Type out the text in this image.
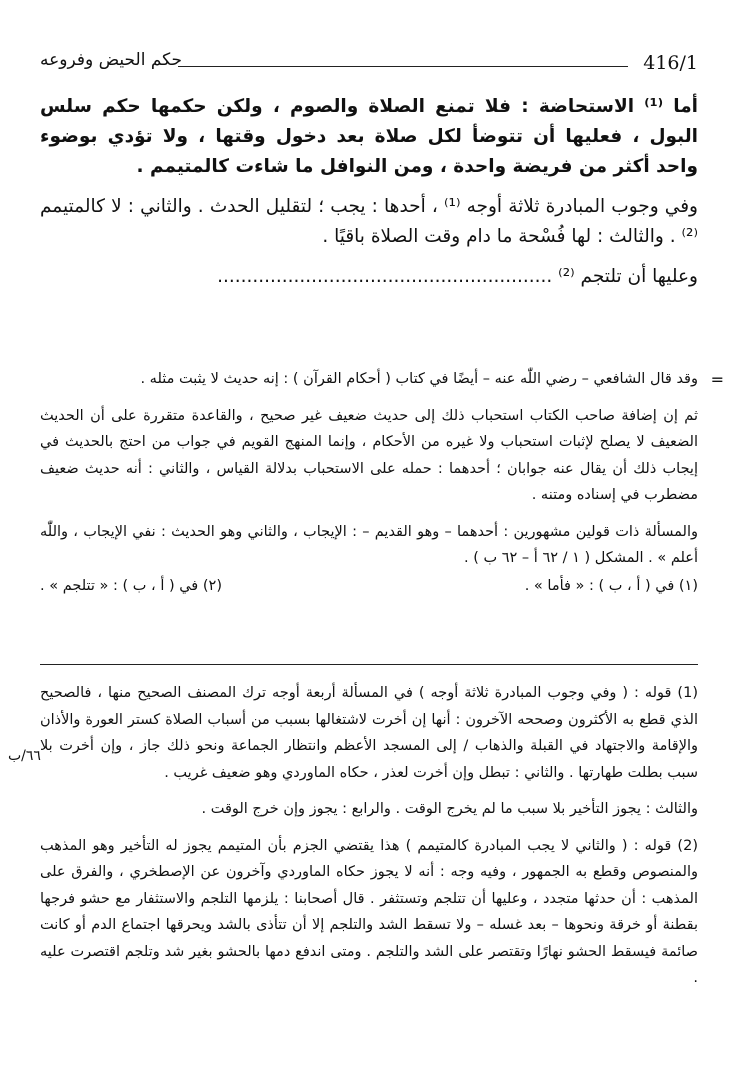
416/1
حكم الحيض وفروعه

أما ⁽¹⁾ الاستحاضة : فلا تمنع الصلاة والصوم ، ولكن حكمها حكم سلس البول ، فعليها أن تتوضأ لكل صلاة بعد دخول وقتها ، ولا تؤدي بوضوء واحد أكثر من فريضة واحدة ، ومن النوافل ما شاءت كالمتيمم .

وفي وجوب المبادرة ثلاثة أوجه ⁽¹⁾ ، أحدها : يجب ؛ لتقليل الحدث . والثاني : لا كالمتيمم ⁽²⁾ . والثالث : لها فُسْحة ما دام وقت الصلاة باقيًا .

وعليها أن تلتجم ⁽²⁾ .........................................................

=

وقد قال الشافعي – رضي اللّٰه عنه – أيضًا في كتاب ( أحكام القرآن ) : إنه حديث لا يثبت مثله .

ثم إن إضافة صاحب الكتاب استحباب ذلك إلى حديث ضعيف غير صحيح ، والقاعدة متقررة على أن الحديث الضعيف لا يصلح لإثبات استحباب ولا غيره من الأحكام ، وإنما المنهج القويم في جواب من احتج بالحديث في إيجاب ذلك أن يقال عنه جوابان ؛ أحدهما : حمله على الاستحباب بدلالة القياس ، والثاني : أنه حديث ضعيف مضطرب في إسناده ومتنه .

والمسألة ذات قولين مشهورين : أحدهما – وهو القديم – : الإيجاب ، والثاني وهو الحديث : نفي الإيجاب ، واللّٰه أعلم » . المشكل ( ١ / ٦٢ أ – ٦٢ ب ) .

(١) في ( أ ، ب ) : « فأما » .
(٢) في ( أ ، ب ) : « تتلجم » .
٦٦/ب

(1) قوله : ( وفي وجوب المبادرة ثلاثة أوجه ) في المسألة أربعة أوجه ترك المصنف الصحيح منها ، فالصحيح الذي قطع به الأكثرون وصححه الآخرون : أنها إن أخرت لاشتغالها بسبب من أسباب الصلاة كستر العورة والأذان والإقامة والاجتهاد في القبلة والذهاب / إلى المسجد الأعظم وانتظار الجماعة ونحو ذلك جاز ، وإن أخرت بلا سبب بطلت طهارتها . والثاني : تبطل وإن أخرت لعذر ، حكاه الماوردي وهو ضعيف غريب .

والثالث : يجوز التأخير بلا سبب ما لم يخرج الوقت . والرابع : يجوز وإن خرج الوقت .

(2) قوله : ( والثاني لا يجب المبادرة كالمتيمم ) هذا يقتضي الجزم بأن المتيمم يجوز له التأخير وهو المذهب والمنصوص وقطع به الجمهور ، وفيه وجه : أنه لا يجوز حكاه الماوردي وآخرون عن الإصطخري ، والفرق على المذهب : أن حدثها متجدد ، وعليها أن تتلجم وتستثفر . قال أصحابنا : يلزمها التلجم والاستثفار مع حشو فرجها بقطنة أو خرقة ونحوها – بعد غسله – ولا تسقط الشد والتلجم إلا أن تتأذى بالشد ويحرقها اجتماع الدم أو كانت صائمة فيسقط الحشو نهارًا وتقتصر على الشد والتلجم . ومتى اندفع دمها بالحشو بغير شد وتلجم اقتصرت عليه .
